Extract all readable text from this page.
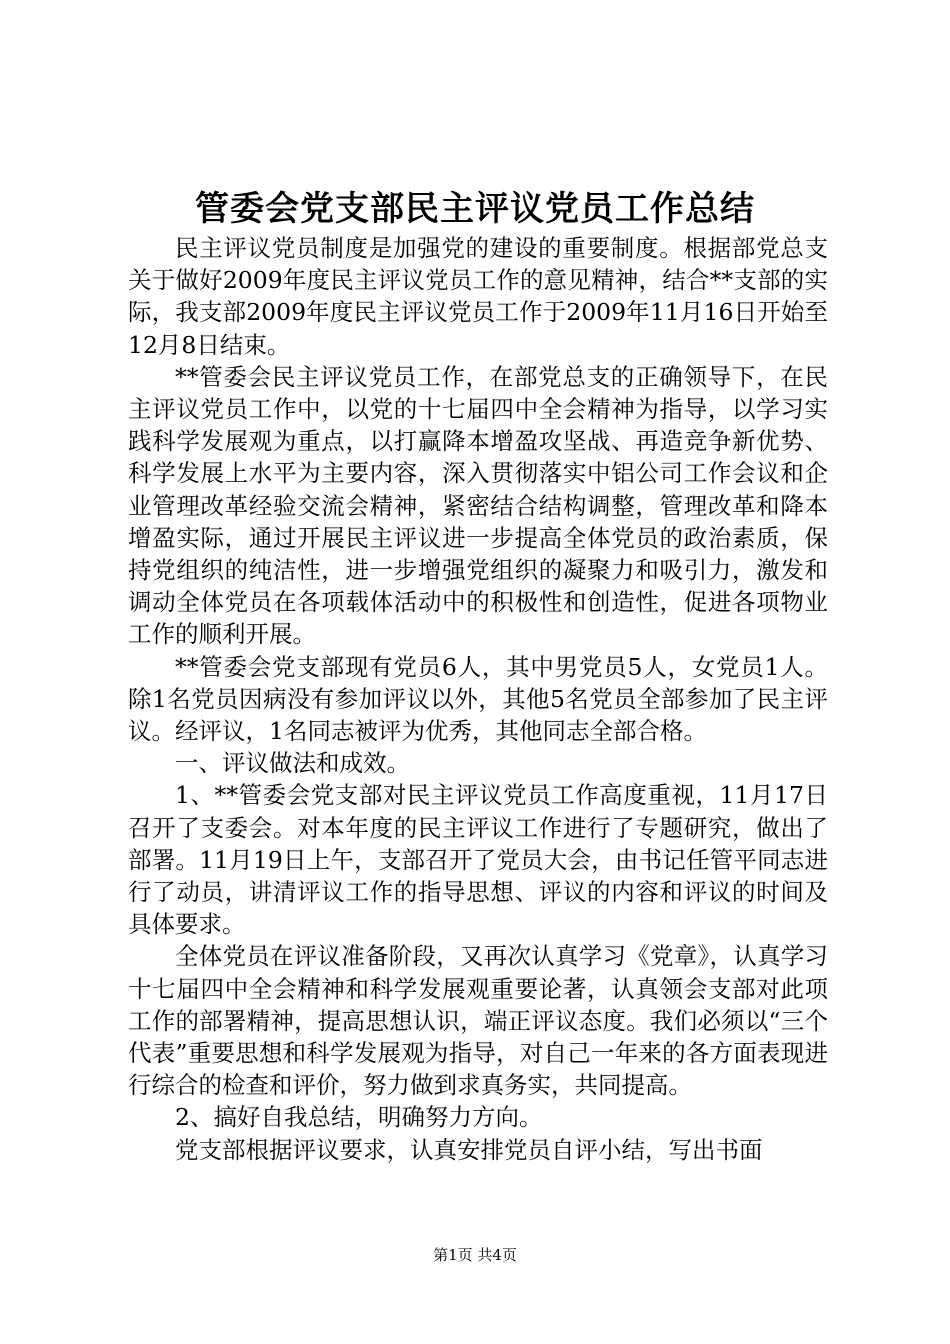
管委会党支部民主评议党员工作总结

民主评议党员制度是加强党的建设的重要制度。根据部党总支关于做好2009年度民主评议党员工作的意见精神，结合**支部的实际，我支部2009年度民主评议党员工作于2009年11月16日开始至12月8日结束。

**管委会民主评议党员工作，在部党总支的正确领导下，在民主评议党员工作中，以党的十七届四中全会精神为指导，以学习实践科学发展观为重点，以打赢降本增盈攻坚战、再造竞争新优势、科学发展上水平为主要内容，深入贯彻落实中铝公司工作会议和企业管理改革经验交流会精神，紧密结合结构调整，管理改革和降本增盈实际，通过开展民主评议进一步提高全体党员的政治素质，保持党组织的纯洁性，进一步增强党组织的凝聚力和吸引力，激发和调动全体党员在各项载体活动中的积极性和创造性，促进各项物业工作的顺利开展。

**管委会党支部现有党员6人，其中男党员5人，女党员1人。除1名党员因病没有参加评议以外，其他5名党员全部参加了民主评议。经评议，1名同志被评为优秀，其他同志全部合格。

一、评议做法和成效。

1、**管委会党支部对民主评议党员工作高度重视，11月17日召开了支委会。对本年度的民主评议工作进行了专题研究，做出了部署。11月19日上午，支部召开了党员大会，由书记任管平同志进行了动员，讲清评议工作的指导思想、评议的内容和评议的时间及具体要求。

全体党员在评议准备阶段，又再次认真学习《党章》，认真学习十七届四中全会精神和科学发展观重要论著，认真领会支部对此项工作的部署精神，提高思想认识，端正评议态度。我们必须以“三个代表”重要思想和科学发展观为指导，对自己一年来的各方面表现进行综合的检查和评价，努力做到求真务实，共同提高。

2、搞好自我总结，明确努力方向。

党支部根据评议要求，认真安排党员自评小结，写出书面

第1页 共4页
